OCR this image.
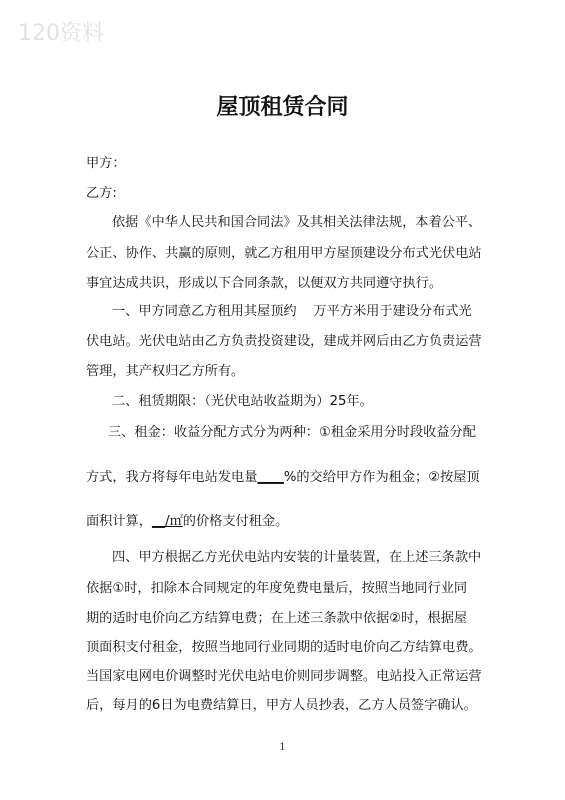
120资料
屋顶租赁合同
甲方：
乙方:
依据《中华人民共和国合同法》及其相关法律法规，本着公平、
公正、协作、共赢的原则，就乙方租用甲方屋顶建设分布式光伏电站
事宜达成共识，形成以下合同条款，以便双方共同遵守执行。
一、甲方同意乙方租用其屋顶约    万平方米用于建设分布式光
伏电站。光伏电站由乙方负责投资建设，建成并网后由乙方负责运营
管理，其产权归乙方所有。
二、租赁期限：（光伏电站收益期为）25年。
三、租金：收益分配方式分为两种：①租金采用分时段收益分配
方式，我方将每年电站发电量____%的交给甲方作为租金；②按屋顶
面积计算，__/㎡的价格支付租金。
四、甲方根据乙方光伏电站内安装的计量装置，在上述三条款中
依据①时，扣除本合同规定的年度免费电量后，按照当地同行业同
期的适时电价向乙方结算电费；在上述三条款中依据②时，根据屋
顶面积支付租金，按照当地同行业同期的适时电价向乙方结算电费。
当国家电网电价调整时光伏电站电价则同步调整。电站投入正常运营
后，每月的6日为电费结算日，甲方人员抄表，乙方人员签字确认。
1
